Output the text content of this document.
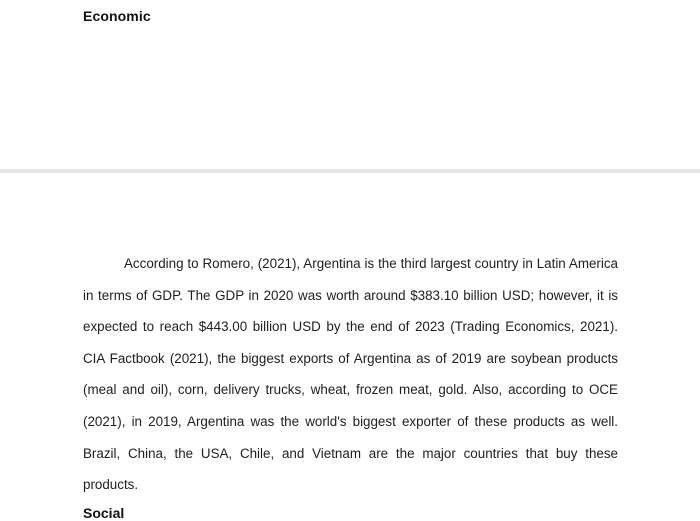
Economic

According to Romero, (2021), Argentina is the third largest country in Latin America in terms of GDP. The GDP in 2020 was worth around $383.10 billion USD; however, it is expected to reach $443.00 billion USD by the end of 2023 (Trading Economics, 2021). CIA Factbook (2021), the biggest exports of Argentina as of 2019 are soybean products (meal and oil), corn, delivery trucks, wheat, frozen meat, gold. Also, according to OCE (2021), in 2019, Argentina was the world's biggest exporter of these products as well. Brazil, China, the USA, Chile, and Vietnam are the major countries that buy these products.

Social
